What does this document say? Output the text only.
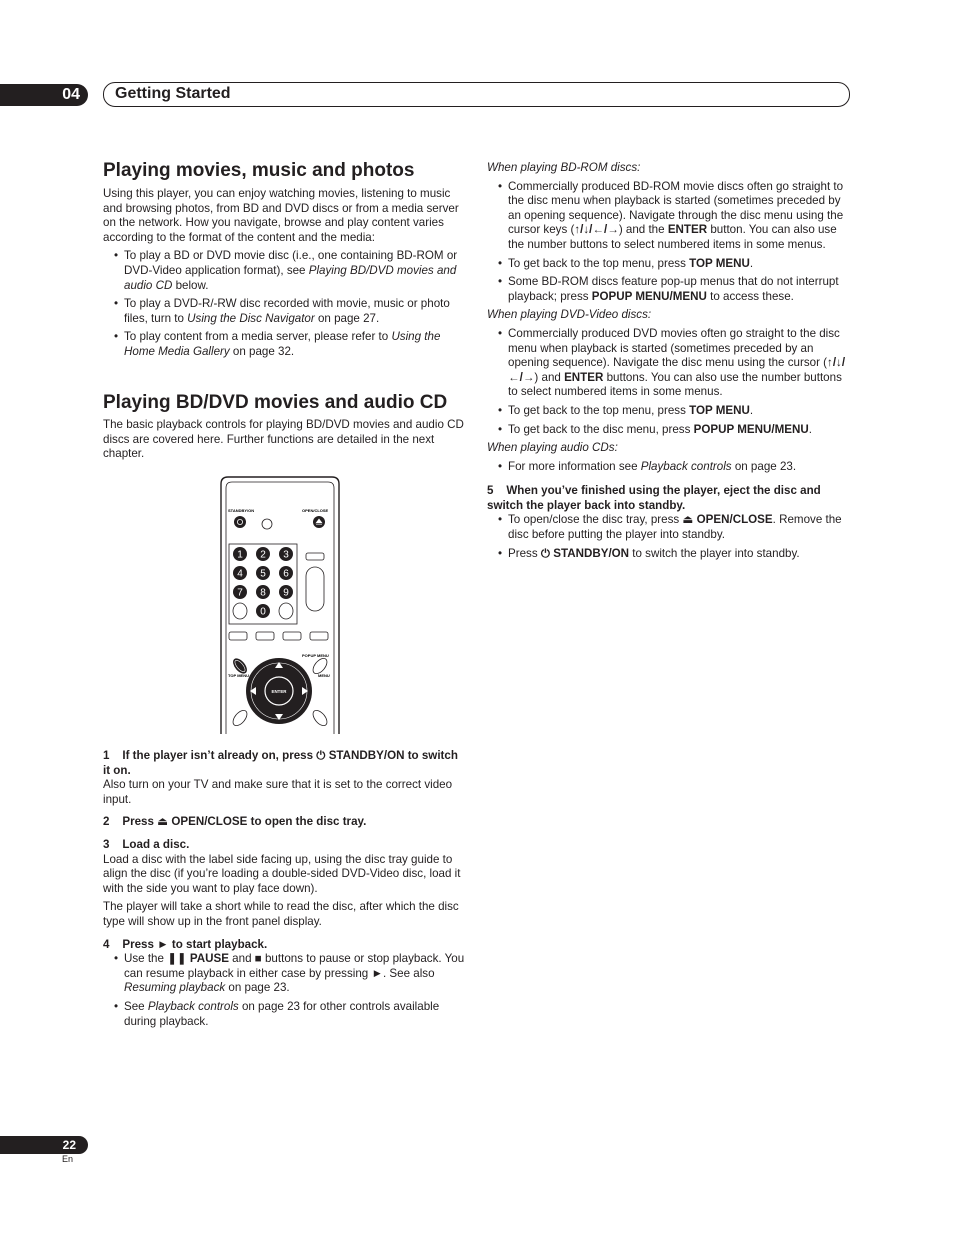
04 Getting Started
Playing movies, music and photos

Using this player, you can enjoy watching movies, listening to music and browsing photos, from BD and DVD discs or from a media server on the network. How you navigate, browse and play content varies according to the format of the content and the media:

• To play a BD or DVD movie disc (i.e., one containing BD-ROM or DVD-Video application format), see Playing BD/DVD movies and audio CD below.
• To play a DVD-R/-RW disc recorded with movie, music or photo files, turn to Using the Disc Navigator on page 27.
• To play content from a media server, please refer to Using the Home Media Gallery on page 32.
Playing BD/DVD movies and audio CD

The basic playback controls for playing BD/DVD movies and audio CD discs are covered here. Further functions are detailed in the next chapter.

STANDBY/ON	OPEN/CLOSE
1 2 3
4 5 6
7 8 9
0
POPUP MENU
TOP MENU	MENU
ENTER

1 If the player isn’t already on, press ⏻ STANDBY/ON to switch it on.

Also turn on your TV and make sure that it is set to the correct video input.

2 Press ⏏ OPEN/CLOSE to open the disc tray.

3 Load a disc.

Load a disc with the label side facing up, using the disc tray guide to align the disc (if you’re loading a double-sided DVD-Video disc, load it with the side you want to play face down).

The player will take a short while to read the disc, after which the disc type will show up in the front panel display.

4 Press ► to start playback.

• Use the ❚❚ PAUSE and ■ buttons to pause or stop playback. You can resume playback in either case by pressing ►. See also Resuming playback on page 23.
• See Playback controls on page 23 for other controls available during playback.

When playing BD-ROM discs:

• Commercially produced BD-ROM movie discs often go straight to the disc menu when playback is started (sometimes preceded by an opening sequence). Navigate through the disc menu using the cursor keys (↑/↓/←/→) and the ENTER button. You can also use the number buttons to select numbered items in some menus.
• To get back to the top menu, press TOP MENU.
• Some BD-ROM discs feature pop-up menus that do not interrupt playback; press POPUP MENU/MENU to access these.

When playing DVD-Video discs:

• Commercially produced DVD movies often go straight to the disc menu when playback is started (sometimes preceded by an opening sequence). Navigate the disc menu using the cursor (↑/↓/←/→) and ENTER buttons. You can also use the number buttons to select numbered items in some menus.
• To get back to the top menu, press TOP MENU.
• To get back to the disc menu, press POPUP MENU/MENU.

When playing audio CDs:

• For more information see Playback controls on page 23.

5 When you’ve finished using the player, eject the disc and switch the player back into standby.

• To open/close the disc tray, press ⏏ OPEN/CLOSE. Remove the disc before putting the player into standby.
• Press ⏻ STANDBY/ON to switch the player into standby.
22
En
